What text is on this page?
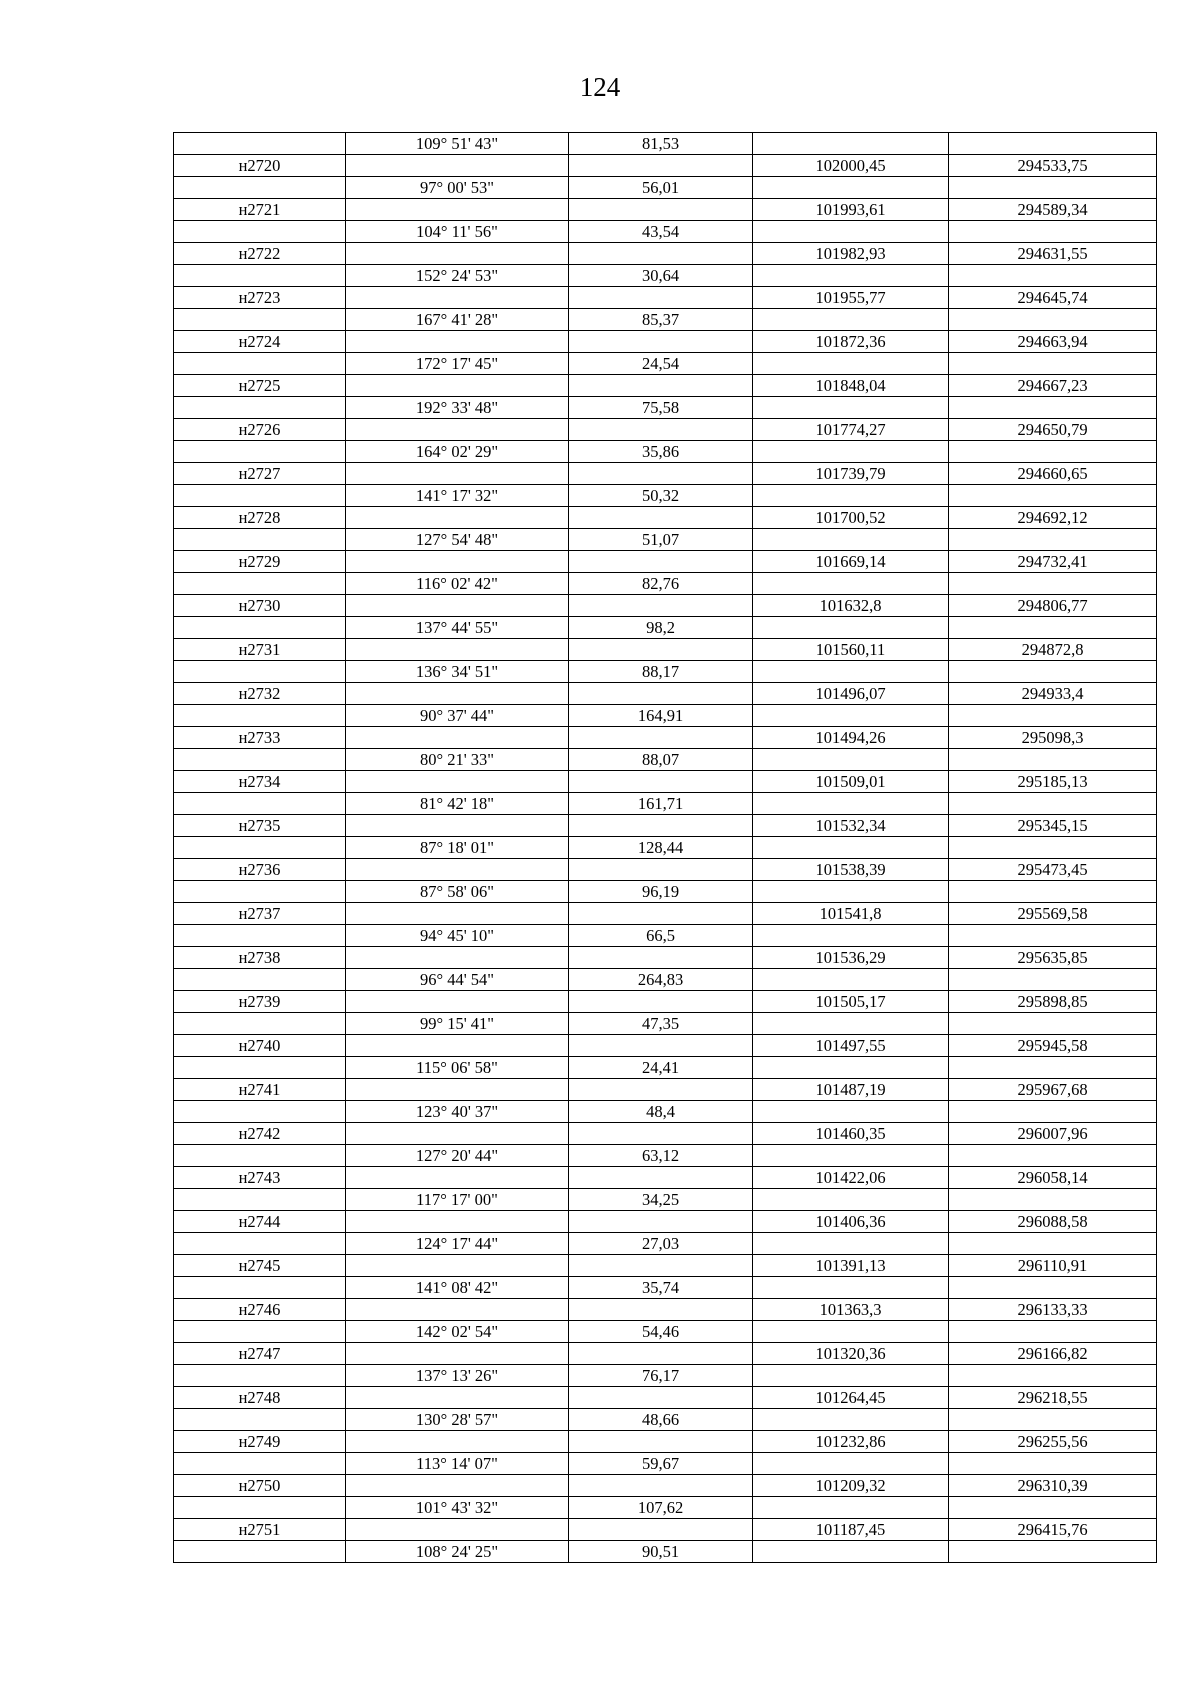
124
	109° 51' 43"	81,53		
н2720			102000,45	294533,75
	97° 00' 53"	56,01		
н2721			101993,61	294589,34
	104° 11' 56"	43,54		
н2722			101982,93	294631,55
	152° 24' 53"	30,64		
н2723			101955,77	294645,74
	167° 41' 28"	85,37		
н2724			101872,36	294663,94
	172° 17' 45"	24,54		
н2725			101848,04	294667,23
	192° 33' 48"	75,58		
н2726			101774,27	294650,79
	164° 02' 29"	35,86		
н2727			101739,79	294660,65
	141° 17' 32"	50,32		
н2728			101700,52	294692,12
	127° 54' 48"	51,07		
н2729			101669,14	294732,41
	116° 02' 42"	82,76		
н2730			101632,8	294806,77
	137° 44' 55"	98,2		
н2731			101560,11	294872,8
	136° 34' 51"	88,17		
н2732			101496,07	294933,4
	90° 37' 44"	164,91		
н2733			101494,26	295098,3
	80° 21' 33"	88,07		
н2734			101509,01	295185,13
	81° 42' 18"	161,71		
н2735			101532,34	295345,15
	87° 18' 01"	128,44		
н2736			101538,39	295473,45
	87° 58' 06"	96,19		
н2737			101541,8	295569,58
	94° 45' 10"	66,5		
н2738			101536,29	295635,85
	96° 44' 54"	264,83		
н2739			101505,17	295898,85
	99° 15' 41"	47,35		
н2740			101497,55	295945,58
	115° 06' 58"	24,41		
н2741			101487,19	295967,68
	123° 40' 37"	48,4		
н2742			101460,35	296007,96
	127° 20' 44"	63,12		
н2743			101422,06	296058,14
	117° 17' 00"	34,25		
н2744			101406,36	296088,58
	124° 17' 44"	27,03		
н2745			101391,13	296110,91
	141° 08' 42"	35,74		
н2746			101363,3	296133,33
	142° 02' 54"	54,46		
н2747			101320,36	296166,82
	137° 13' 26"	76,17		
н2748			101264,45	296218,55
	130° 28' 57"	48,66		
н2749			101232,86	296255,56
	113° 14' 07"	59,67		
н2750			101209,32	296310,39
	101° 43' 32"	107,62		
н2751			101187,45	296415,76
	108° 24' 25"	90,51		
